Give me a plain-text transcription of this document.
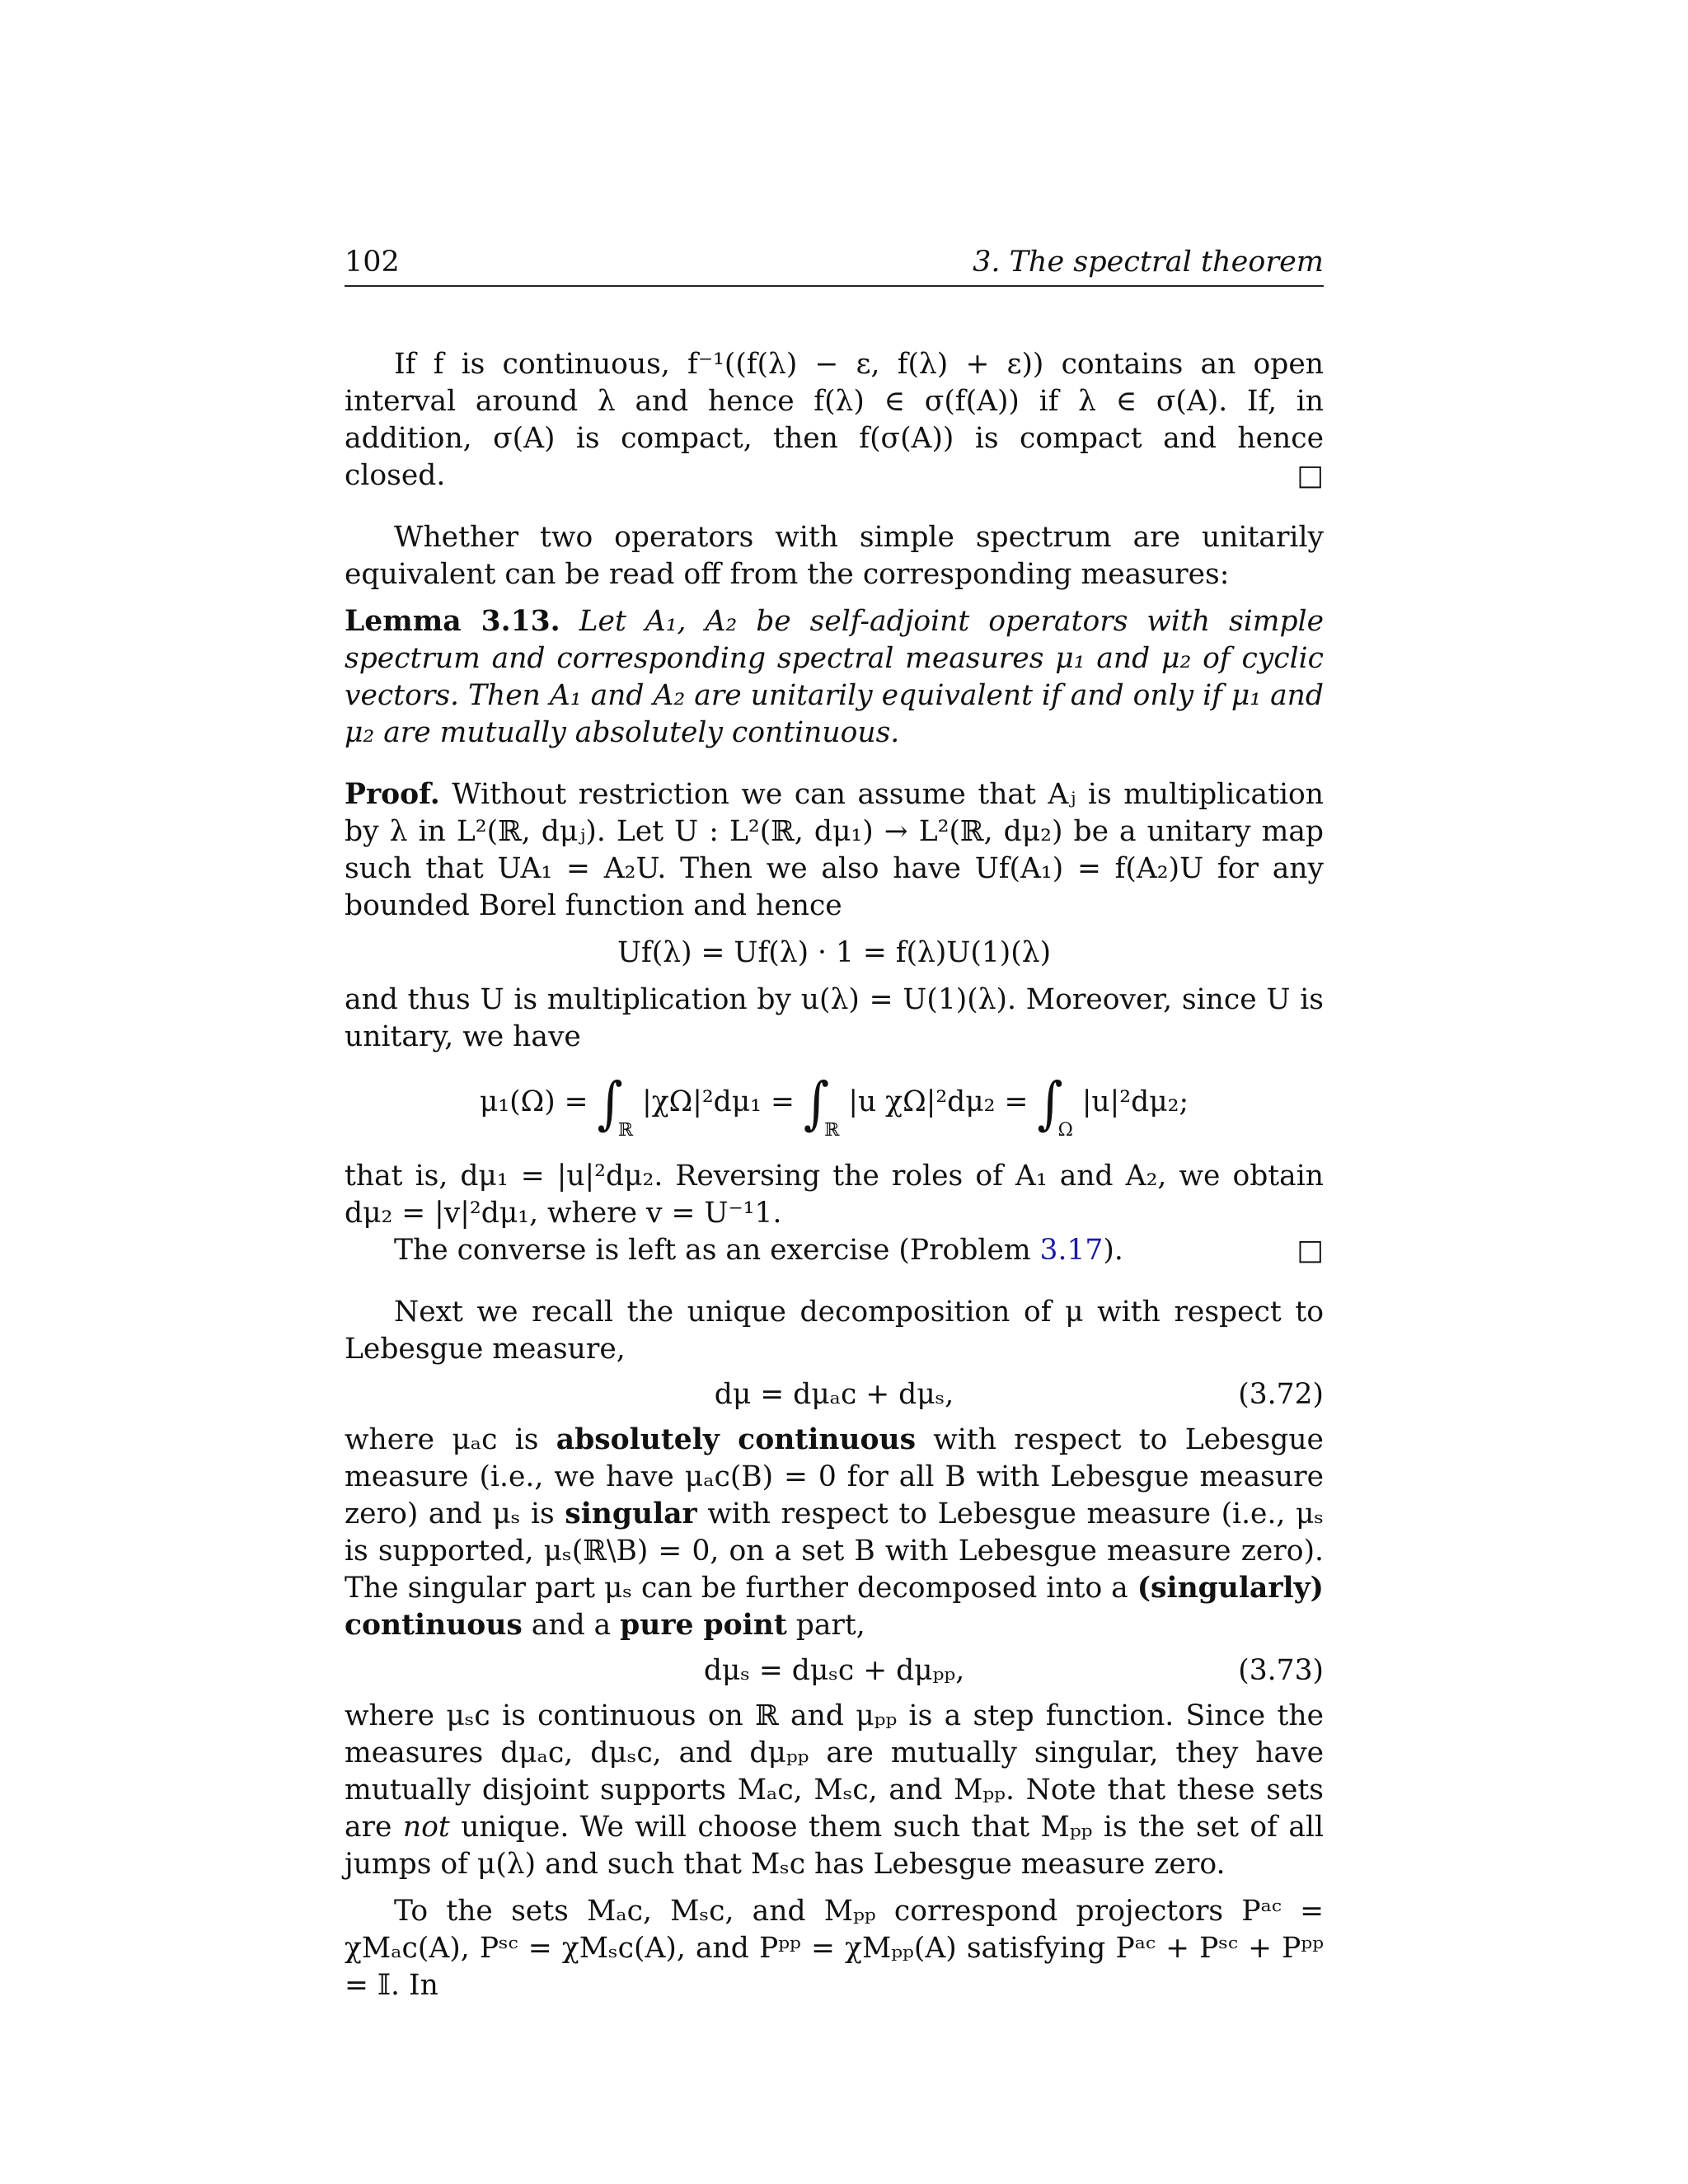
102	3. The spectral theorem

If f is continuous, f⁻¹((f(λ) − ε, f(λ) + ε)) contains an open interval around λ and hence f(λ) ∈ σ(f(A)) if λ ∈ σ(A). If, in addition, σ(A) is compact, then f(σ(A)) is compact and hence closed.	□

Whether two operators with simple spectrum are unitarily equivalent can be read off from the corresponding measures:

Lemma 3.13. Let A₁, A₂ be self-adjoint operators with simple spectrum and corresponding spectral measures μ₁ and μ₂ of cyclic vectors. Then A₁ and A₂ are unitarily equivalent if and only if μ₁ and μ₂ are mutually absolutely continuous.

Proof. Without restriction we can assume that Aⱼ is multiplication by λ in L²(ℝ, dμⱼ). Let U : L²(ℝ, dμ₁) → L²(ℝ, dμ₂) be a unitary map such that UA₁ = A₂U. Then we also have Uf(A₁) = f(A₂)U for any bounded Borel function and hence

Uf(λ) = Uf(λ) · 1 = f(λ)U(1)(λ)

and thus U is multiplication by u(λ) = U(1)(λ). Moreover, since U is unitary, we have

$\mu_1(\Omega) = \int_ℝ$ $|\chi\Omega|^2d\mu_1 = \int_ℝ$ |u $\chi\Omega|^2d\mu_2 = \int_\Omega$ |u|²dμ₂;

that is, dμ₁ = |u|²dμ₂. Reversing the roles of A₁ and A₂, we obtain dμ₂ = |v|²dμ₁, where v = U⁻¹1.

The converse is left as an exercise (Problem 3.17).	□

Next we recall the unique decomposition of μ with respect to Lebesgue measure,

dμ = dμₐᴄ + dμₛ,	(3.72)

where μₐᴄ is absolutely continuous with respect to Lebesgue measure (i.e., we have μₐᴄ(B) = 0 for all B with Lebesgue measure zero) and μₛ is singular with respect to Lebesgue measure (i.e., μₛ is supported, μₛ(ℝ\B) = 0, on a set B with Lebesgue measure zero). The singular part μₛ can be further decomposed into a (singularly) continuous and a pure point part,

dμₛ = dμₛᴄ + dμₚₚ,	(3.73)

where μₛᴄ is continuous on ℝ and μₚₚ is a step function. Since the measures dμₐᴄ, dμₛᴄ, and dμₚₚ are mutually singular, they have mutually disjoint supports Mₐᴄ, Mₛᴄ, and Mₚₚ. Note that these sets are not unique. We will choose them such that Mₚₚ is the set of all jumps of μ(λ) and such that Mₛᴄ has Lebesgue measure zero.

To the sets Mₐᴄ, Mₛᴄ, and Mₚₚ correspond projectors Pᵃᶜ = χMₐᴄ(A), Pˢᶜ = χMₛᴄ(A), and Pᵖᵖ = χMₚₚ(A) satisfying Pᵃᶜ + Pˢᶜ + Pᵖᵖ = 𝕀. In
